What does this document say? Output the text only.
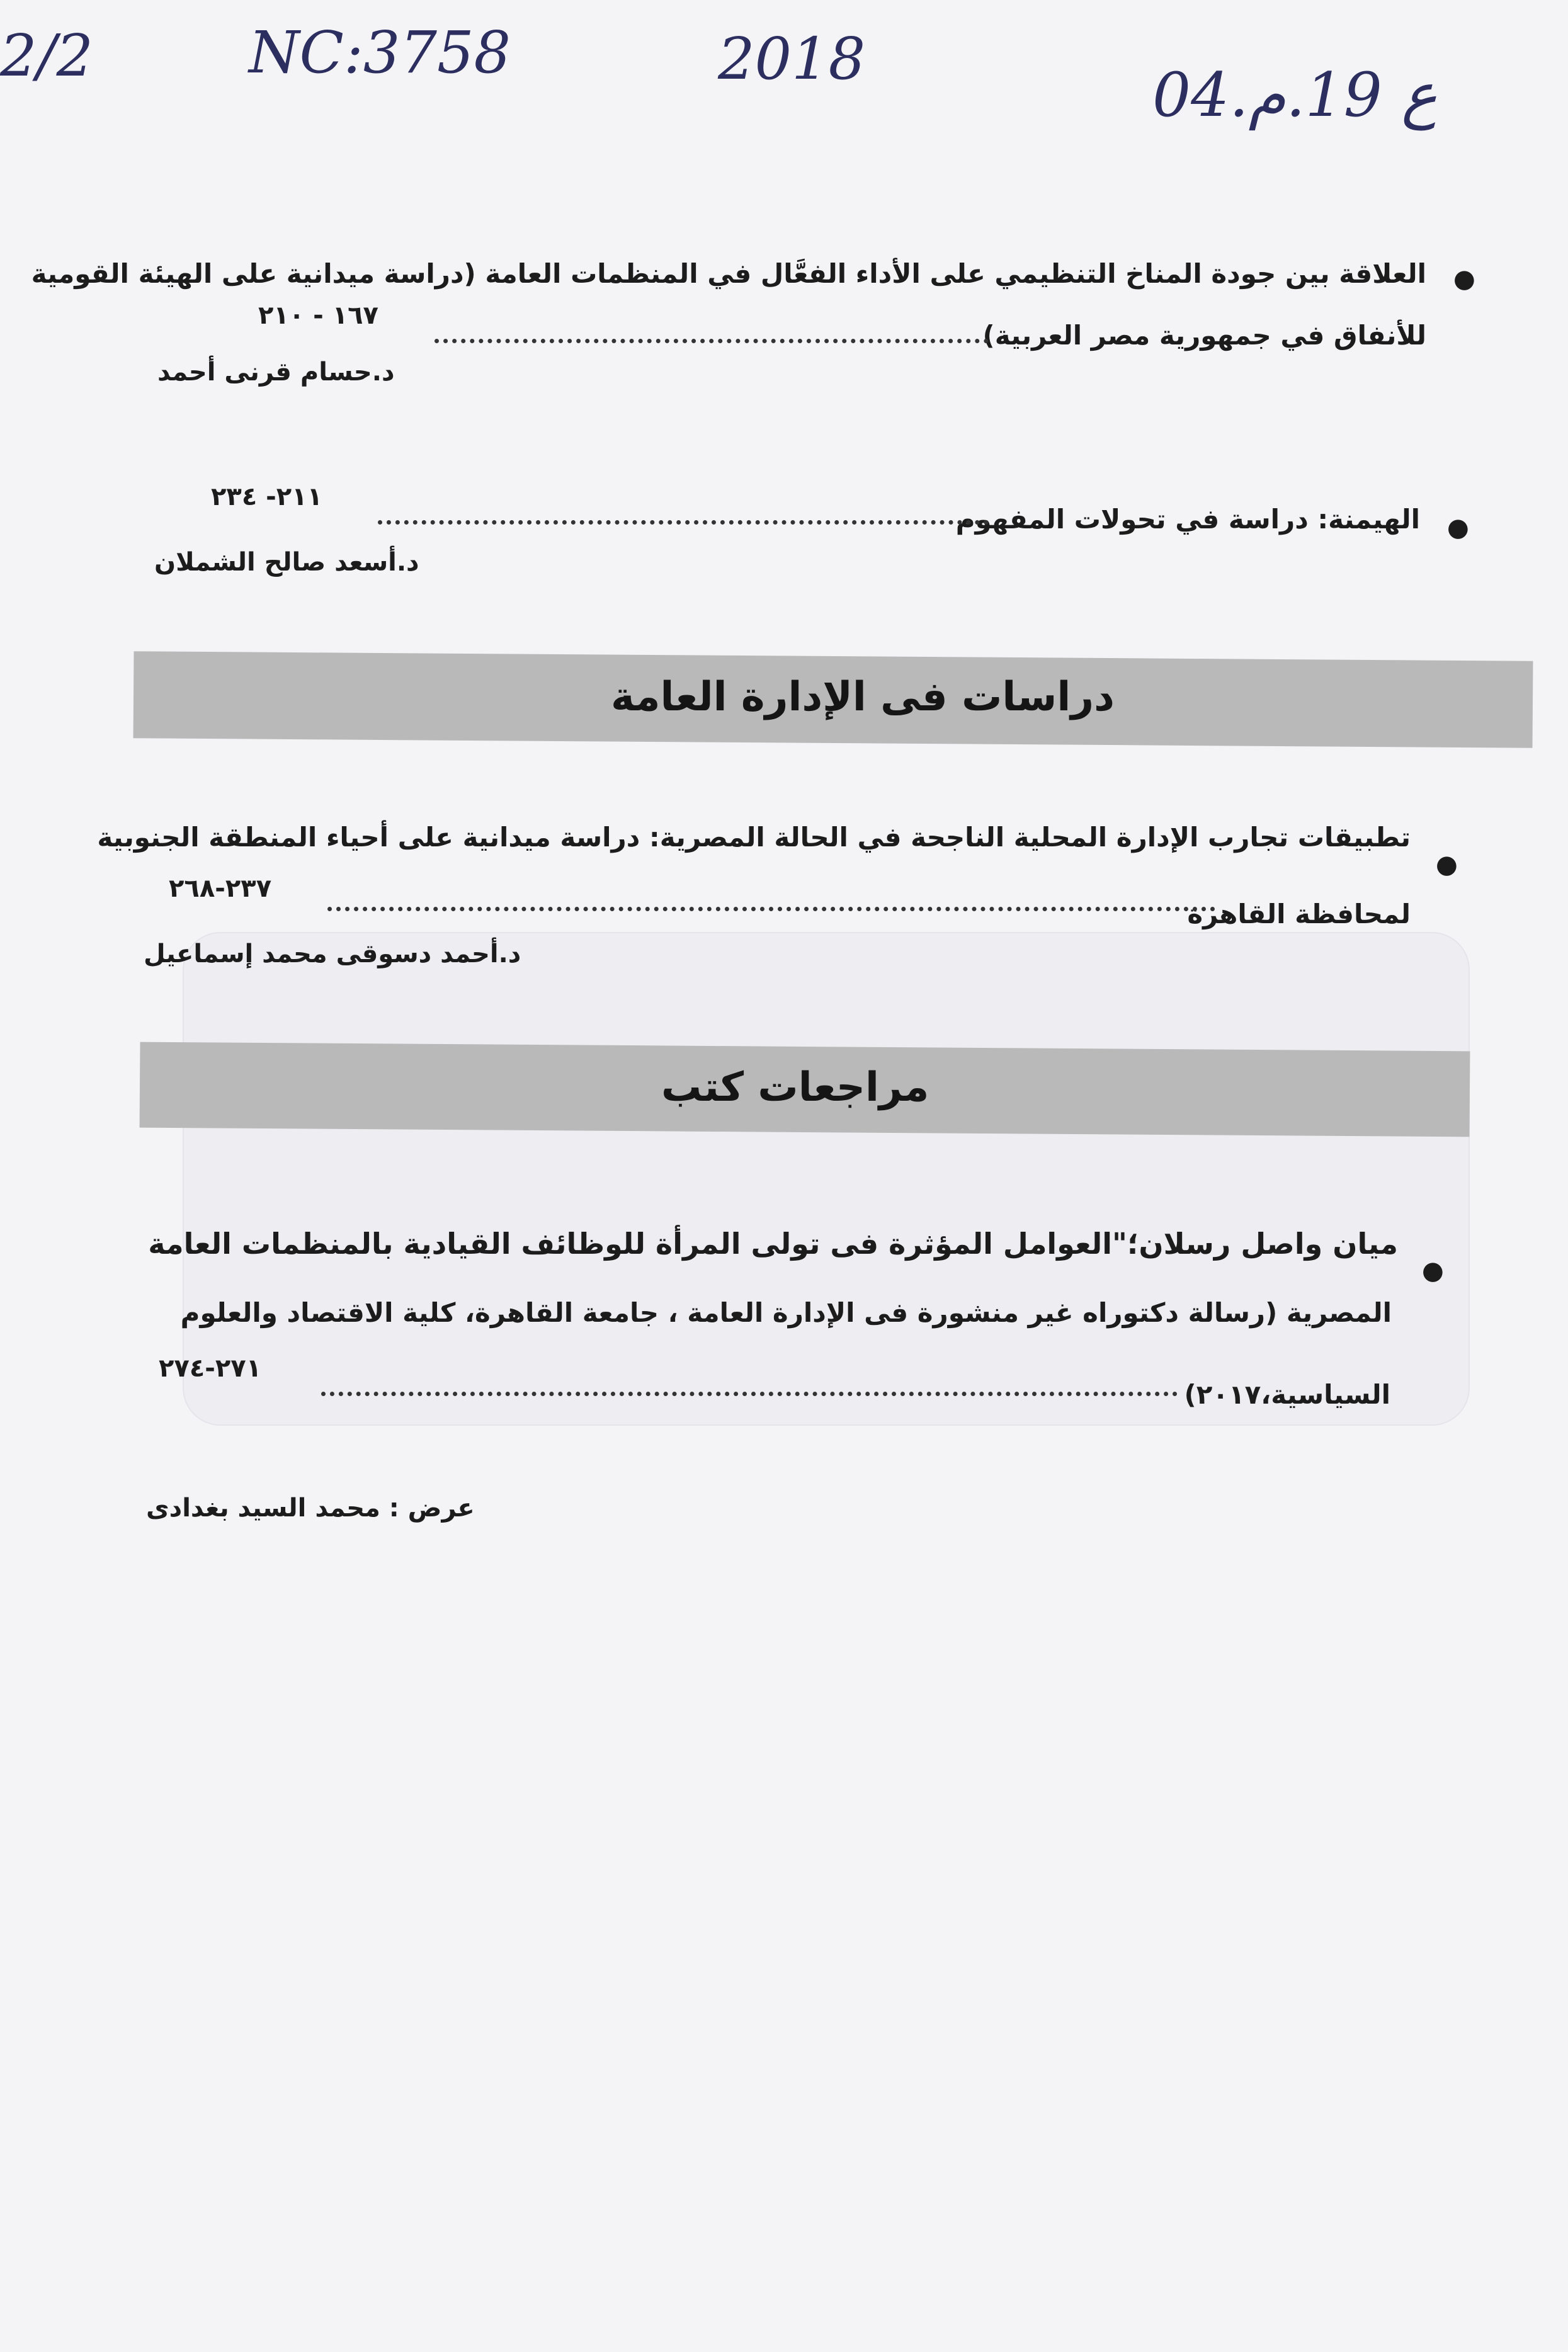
2/2	NC:3758	2018
04.ع 19.م
●
العلاقة بين جودة المناخ التنظيمي على الأداء الفعَّال في المنظمات العامة (دراسة ميدانية على الهيئة القومية
للأنفاق في جمهورية مصر العربية)
١٦٧ - ٢١٠
د.حسام قرنى أحمد
●
الهيمنة: دراسة في تحولات المفهوم
٢١١- ٢٣٤
د.أسعد صالح الشملان
دراسات فى الإدارة العامة
●
تطبيقات تجارب الإدارة المحلية الناجحة في الحالة المصرية: دراسة ميدانية على أحياء المنطقة الجنوبية
لمحافظة القاهرة
٢٣٧-٢٦٨
د.أحمد دسوقى محمد إسماعيل
مراجعات كتب
●
ميان واصل رسلان؛"العوامل المؤثرة فى تولى المرأة للوظائف القيادية بالمنظمات العامة
المصرية (رسالة دكتوراه غير منشورة فى الإدارة العامة ، جامعة القاهرة، كلية الاقتصاد والعلوم
السياسية،٢٠١٧)
٢٧١-٢٧٤
عرض : محمد السيد بغدادى
